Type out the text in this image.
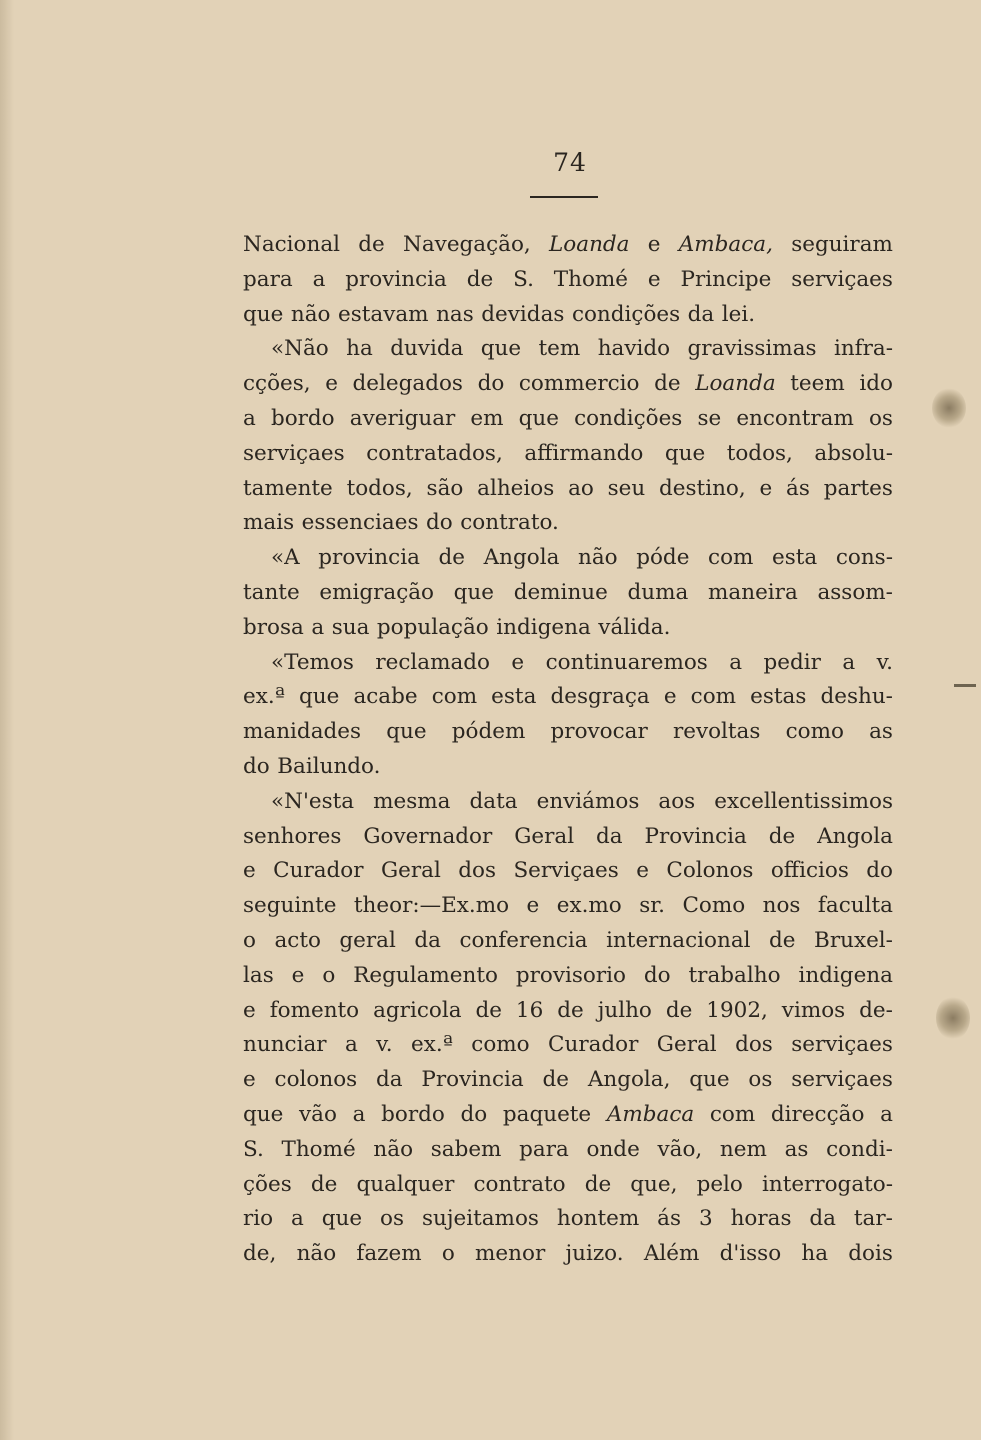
74
Nacional de Navegação, Loanda e Ambaca, seguiram
para a provincia de S. Thomé e Principe serviçaes
que não estavam nas devidas condições da lei.
«Não ha duvida que tem havido gravissimas infra-
cções, e delegados do commercio de Loanda teem ido
a bordo averiguar em que condições se encontram os
serviçaes contratados, affirmando que todos, absolu-
tamente todos, são alheios ao seu destino, e ás partes
mais essenciaes do contrato.
«A provincia de Angola não póde com esta cons-
tante emigração que deminue duma maneira assom-
brosa a sua população indigena válida.
«Temos reclamado e continuaremos a pedir a v.
ex.ª que acabe com esta desgraça e com estas deshu-
manidades que pódem provocar revoltas como as
do Bailundo.
«N'esta mesma data enviámos aos excellentissimos
senhores Governador Geral da Provincia de Angola
e Curador Geral dos Serviçaes e Colonos officios do
seguinte theor:—Ex.mo e ex.mo sr. Como nos faculta
o acto geral da conferencia internacional de Bruxel-
las e o Regulamento provisorio do trabalho indigena
e fomento agricola de 16 de julho de 1902, vimos de-
nunciar a v. ex.ª como Curador Geral dos serviçaes
e colonos da Provincia de Angola, que os serviçaes
que vão a bordo do paquete Ambaca com direcção a
S. Thomé não sabem para onde vão, nem as condi-
ções de qualquer contrato de que, pelo interrogato-
rio a que os sujeitamos hontem ás 3 horas da tar-
de, não fazem o menor juizo. Além d'isso ha dois
